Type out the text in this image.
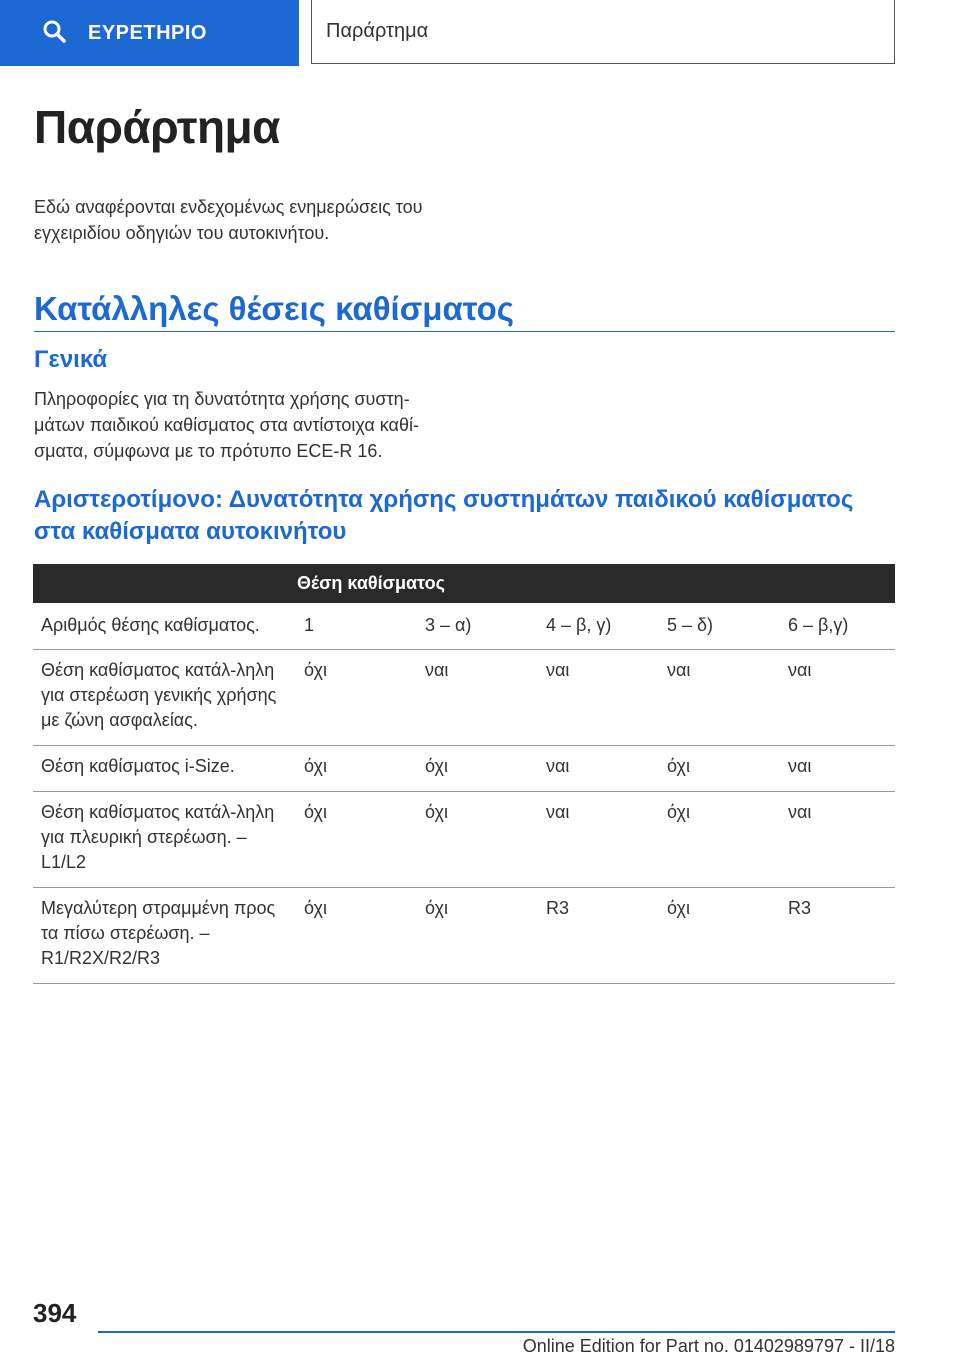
ΕΥΡΕΤΗΡΙΟ	Παράρτημα
Παράρτημα

Εδώ αναφέρονται ενδεχομένως ενημερώσεις του εγχειριδίου οδηγιών του αυτοκινήτου.

Κατάλληλες θέσεις καθίσματος
Γενικά

Πληροφορίες για τη δυνατότητα χρήσης συστη-μάτων παιδικού καθίσματος στα αντίστοιχα καθί-σματα, σύμφωνα με το πρότυπο ECE-R 16.

Αριστεροτίμονο: Δυνατότητα χρήσης συστημάτων παιδικού καθίσματος στα καθίσματα αυτοκινήτου
Θέση καθίσματος					

Αριθμός θέσης καθίσματος.	1	3 – α)	4 – β, γ)	5 – δ)	6 – β,γ)
Θέση καθίσματος κατάλ-ληλη για στερέωση γενικής χρήσης με ζώνη ασφαλείας.	όχι	ναι	ναι	ναι	ναι
Θέση καθίσματος i-Size.	όχι	όχι	ναι	όχι	ναι
Θέση καθίσματος κατάλ-ληλη για πλευρική στερέωση. – L1/L2	όχι	όχι	ναι	όχι	ναι
Μεγαλύτερη στραμμένη προς τα πίσω στερέωση. – R1/R2X/R2/R3	όχι	όχι	R3	όχι	R3

394

Online Edition for Part no. 01402989797 - II/18
